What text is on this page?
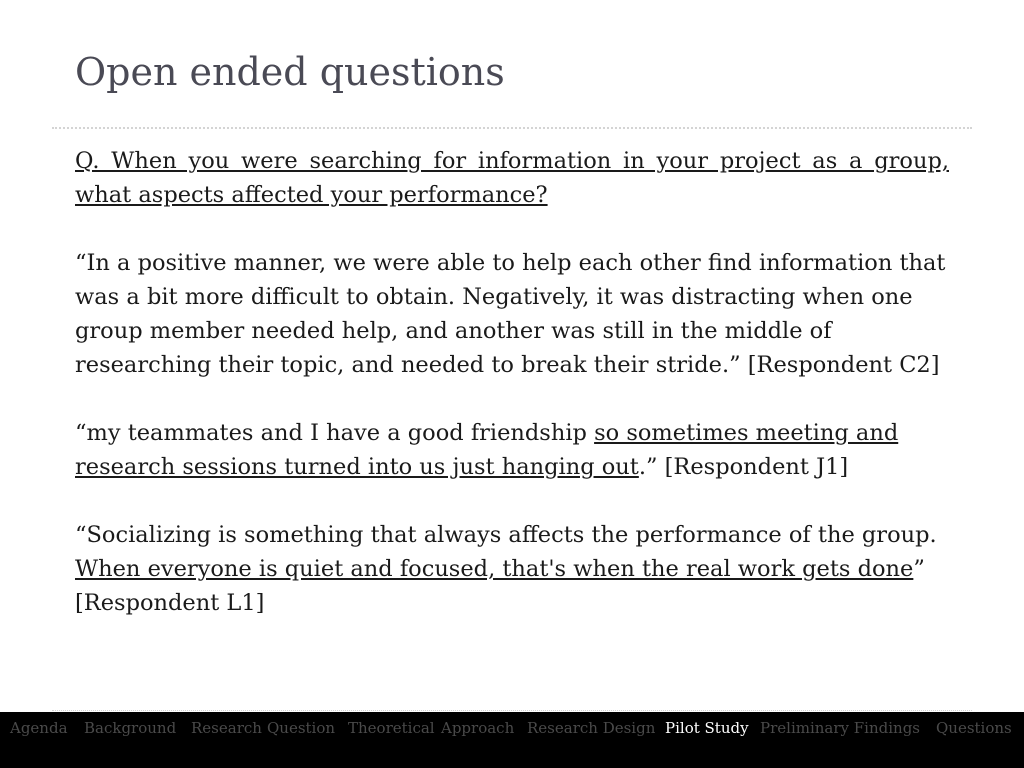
Open ended questions

Q. When you were searching for information in your project as a group, what aspects affected your performance?

“In a positive manner, we were able to help each other find information that was a bit more difficult to obtain. Negatively, it was distracting when one group member needed help, and another was still in the middle of researching their topic, and needed to break their stride.” [Respondent C2]

“my teammates and I have a good friendship so sometimes meeting and research sessions turned into us just hanging out.” [Respondent J1]

“Socializing is something that always affects the performance of the group. When everyone is quiet and focused, that's when the real work gets done” [Respondent L1]

Agenda Background Research Question Theoretical Approach Research Design Pilot Study Preliminary Findings Questions
